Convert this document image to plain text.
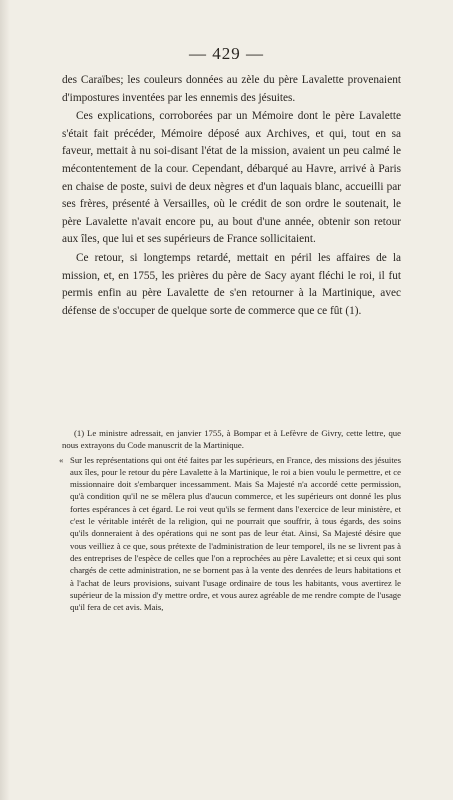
— 429 —

des Caraïbes; les couleurs données au zèle du père Lavalette provenaient d'impostures inventées par les ennemis des jésuites.

Ces explications, corroborées par un Mémoire dont le père Lavalette s'était fait précéder, Mémoire déposé aux Archives, et qui, tout en sa faveur, mettait à nu soi-disant l'état de la mission, avaient un peu calmé le mécontentement de la cour. Cependant, débarqué au Havre, arrivé à Paris en chaise de poste, suivi de deux nègres et d'un laquais blanc, accueilli par ses frères, présenté à Versailles, où le crédit de son ordre le soutenait, le père Lavalette n'avait encore pu, au bout d'une année, obtenir son retour aux îles, que lui et ses supérieurs de France sollicitaient.

Ce retour, si longtemps retardé, mettait en péril les affaires de la mission, et, en 1755, les prières du père de Sacy ayant fléchi le roi, il fut permis enfin au père Lavalette de s'en retourner à la Martinique, avec défense de s'occuper de quelque sorte de commerce que ce fût (1).

(1) Le ministre adressait, en janvier 1755, à Bompar et à Lefèvre de Givry, cette lettre, que nous extrayons du Code manuscrit de la Martinique.

« Sur les représentations qui ont été faites par les supérieurs, en France, des missions des jésuites aux îles, pour le retour du père Lavalette à la Martinique, le roi a bien voulu le permettre, et ce missionnaire doit s'embarquer incessamment. Mais Sa Majesté n'a accordé cette permission, qu'à condition qu'il ne se mêlera plus d'aucun commerce, et les supérieurs ont donné les plus fortes espérances à cet égard. Le roi veut qu'ils se ferment dans l'exercice de leur ministère, et c'est le véritable intérêt de la religion, qui ne pourrait que souffrir, à tous égards, des soins qu'ils donneraient à des opérations qui ne sont pas de leur état. Ainsi, Sa Majesté désire que vous veilliez à ce que, sous prétexte de l'administration de leur temporel, ils ne se livrent pas à des entreprises de l'espèce de celles que l'on a reprochées au père Lavalette; et si ceux qui sont chargés de cette administration, ne se bornent pas à la vente des denrées de leurs habitations et à l'achat de leurs provisions, suivant l'usage ordinaire de tous les habitants, vous avertirez le supérieur de la mission d'y mettre ordre, et vous aurez agréable de me rendre compte de l'usage qu'il fera de cet avis. Mais,
